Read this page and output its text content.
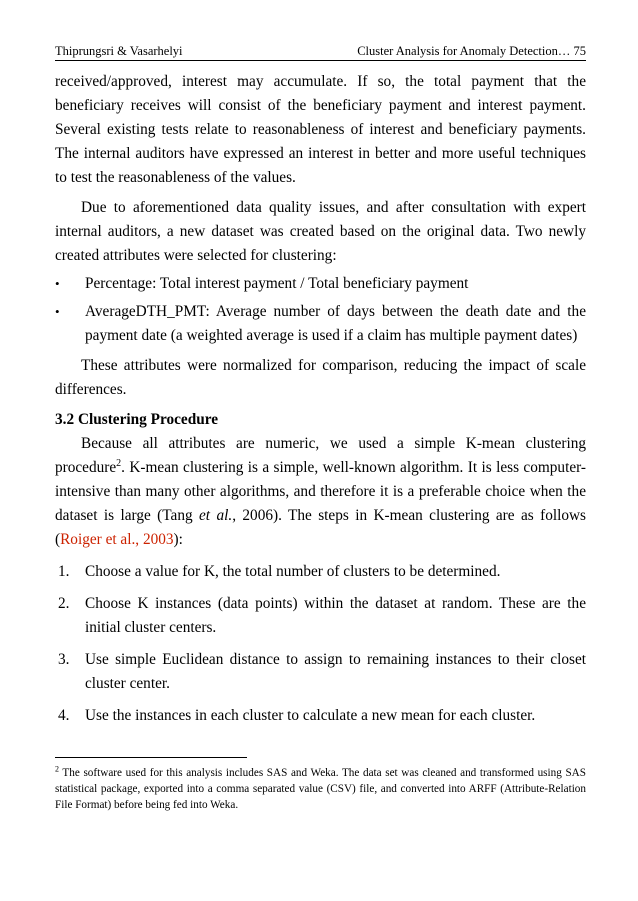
Thiprungsri & Vasarhelyi	Cluster Analysis for Anomaly Detection… 75

received/approved, interest may accumulate. If so, the total payment that the beneficiary receives will consist of the beneficiary payment and interest payment. Several existing tests relate to reasonableness of interest and beneficiary payments. The internal auditors have expressed an interest in better and more useful techniques to test the reasonableness of the values.

Due to aforementioned data quality issues, and after consultation with expert internal auditors, a new dataset was created based on the original data. Two newly created attributes were selected for clustering:

• Percentage: Total interest payment / Total beneficiary payment
• AverageDTH_PMT: Average number of days between the death date and the payment date (a weighted average is used if a claim has multiple payment dates)

These attributes were normalized for comparison, reducing the impact of scale differences.

3.2 Clustering Procedure

Because all attributes are numeric, we used a simple K-mean clustering procedure$^2$. K-mean clustering is a simple, well-known algorithm. It is less computer-intensive than many other algorithms, and therefore it is a preferable choice when the dataset is large (Tang et al., 2006). The steps in K-mean clustering are as follows (Roiger et al., 2003):

1. Choose a value for K, the total number of clusters to be determined.
2. Choose K instances (data points) within the dataset at random. These are the initial cluster centers.
3. Use simple Euclidean distance to assign to remaining instances to their closet cluster center.
4. Use the instances in each cluster to calculate a new mean for each cluster.
$^2$ The software used for this analysis includes SAS and Weka. The data set was cleaned and transformed using SAS statistical package, exported into a comma separated value (CSV) file, and converted into ARFF (Attribute-Relation File Format) before being fed into Weka.
